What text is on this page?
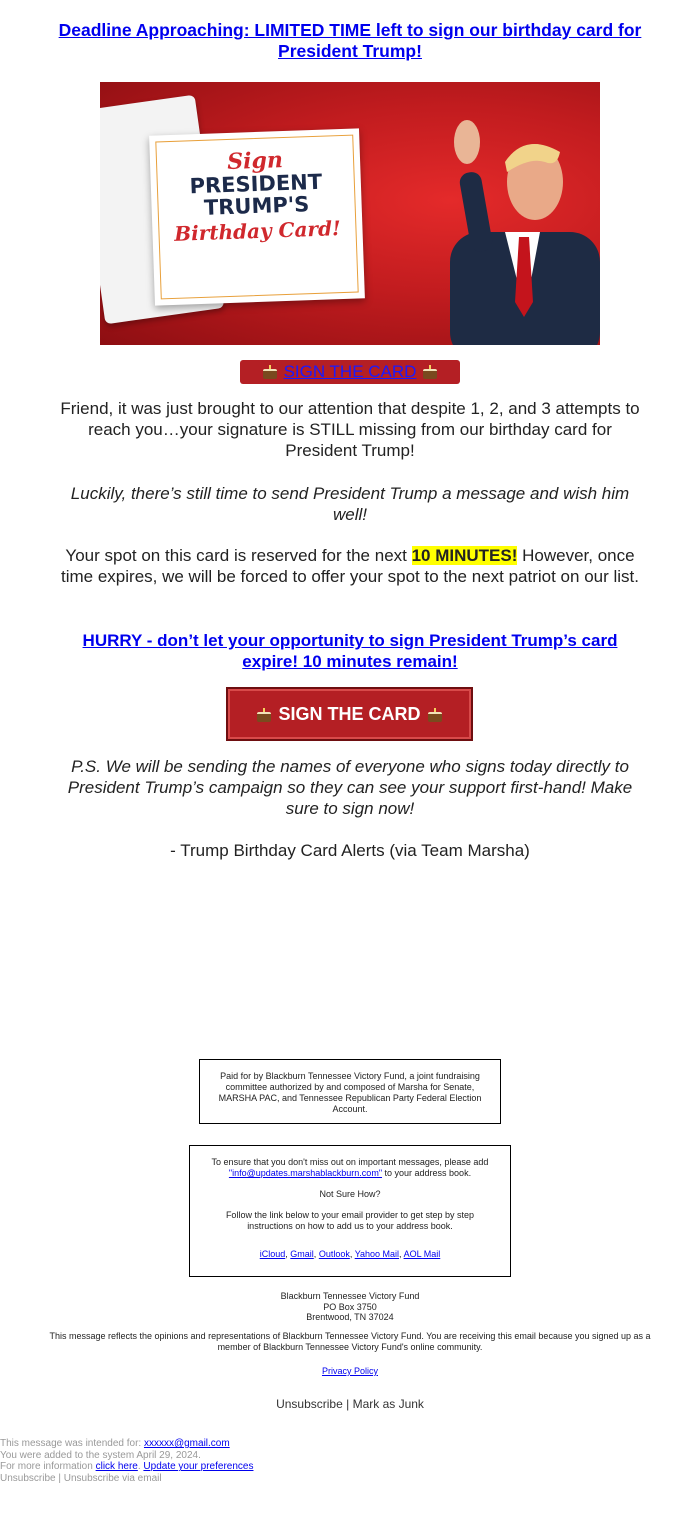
Deadline Approaching: LIMITED TIME left to sign our birthday card for President Trump!
Sign
PRESIDENT
TRUMP'S
Birthday Card!
SIGN THE CARD
Friend, it was just brought to our attention that despite 1, 2, and 3 attempts to reach you…your signature is STILL missing from our birthday card for President Trump!
Luckily, there’s still time to send President Trump a message and wish him well!
Your spot on this card is reserved for the next 10 MINUTES! However, once time expires, we will be forced to offer your spot to the next patriot on our list.
HURRY - don’t let your opportunity to sign President Trump’s card expire! 10 minutes remain!
SIGN THE CARD
P.S. We will be sending the names of everyone who signs today directly to President Trump’s campaign so they can see your support first-hand! Make sure to sign now!
- Trump Birthday Card Alerts (via Team Marsha)
Paid for by Blackburn Tennessee Victory Fund, a joint fundraising committee authorized by and composed of Marsha for Senate, MARSHA PAC, and Tennessee Republican Party Federal Election Account.
To ensure that you don't miss out on important messages, please add "info@updates.marshablackburn.com" to your address book.
Not Sure How?
Follow the link below to your email provider to get step by step instructions on how to add us to your address book.
iCloud, Gmail, Outlook, Yahoo Mail, AOL Mail
Blackburn Tennessee Victory Fund
PO Box 3750
Brentwood, TN 37024
This message reflects the opinions and representations of Blackburn Tennessee Victory Fund. You are receiving this email because you signed up as a member of Blackburn Tennessee Victory Fund's online community.
Privacy Policy
Unsubscribe | Mark as Junk
This message was intended for: xxxxxx@gmail.com
You were added to the system April 29, 2024.
For more information click here. Update your preferences
Unsubscribe | Unsubscribe via email
